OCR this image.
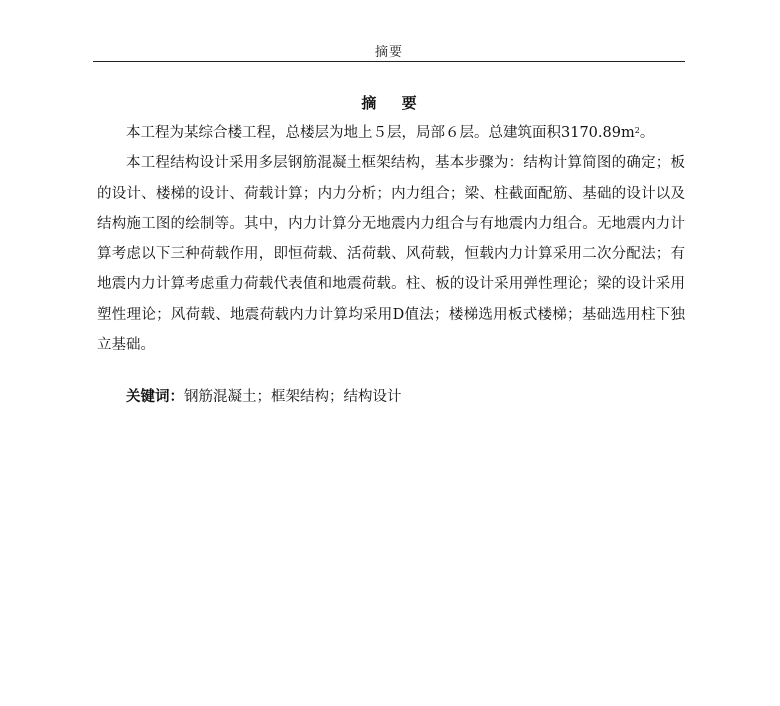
摘要
摘 要

本工程为某综合楼工程，总楼层为地上５层，局部６层。总建筑面积$3170.89m^2$。

本工程结构设计采用多层钢筋混凝土框架结构，基本步骤为：结构计算简图的确定；板的设计、楼梯的设计、荷载计算；内力分析；内力组合；梁、柱截面配筋、基础的设计以及结构施工图的绘制等。其中，内力计算分无地震内力组合与有地震内力组合。无地震内力计算考虑以下三种荷载作用，即恒荷载、活荷载、风荷载，恒载内力计算采用二次分配法；有地震内力计算考虑重力荷载代表值和地震荷载。柱、板的设计采用弹性理论；梁的设计采用塑性理论；风荷载、地震荷载内力计算均采用D值法；楼梯选用板式楼梯；基础选用柱下独立基础。

关键词：钢筋混凝土；框架结构；结构设计
